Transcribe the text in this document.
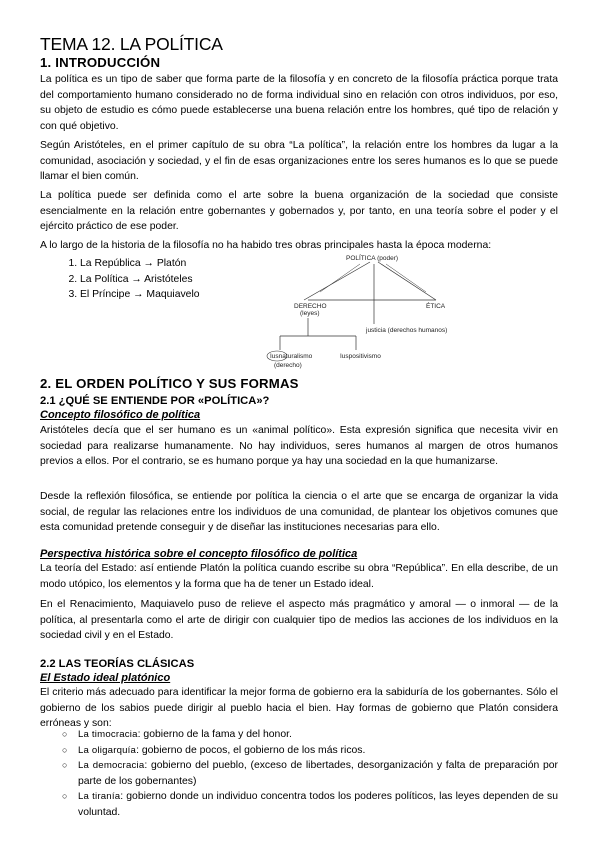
TEMA 12. LA POLÍTICA
1. INTRODUCCIÓN
La política es un tipo de saber que forma parte de la filosofía y en concreto de la filosofía práctica porque trata del comportamiento humano considerado no de forma individual sino en relación con otros individuos, por eso, su objeto de estudio es cómo puede establecerse una buena relación entre los hombres, qué tipo de relación y con qué objetivo.
Según Aristóteles, en el primer capítulo de su obra “La política”, la relación entre los hombres da lugar a la comunidad, asociación y sociedad, y el fin de esas organizaciones entre los seres humanos es lo que se puede llamar el bien común.
La política puede ser definida como el arte sobre la buena organización de la sociedad que consiste esencialmente en la relación entre gobernantes y gobernados y, por tanto, en una teoría sobre el poder y el ejército práctico de ese poder.
A lo largo de la historia de la filosofía no ha habido tres obras principales hasta la época moderna:
1. La República → Platón
2. La Política → Aristóteles
3. El Príncipe → Maquiavelo
POLÍTICA (poder)
DERECHO
(leyes)
ÉTICA
justicia (derechos humanos)
Iusnaturalismo
(derecho)
Iuspositivismo
2. EL ORDEN POLÍTICO Y SUS FORMAS
2.1 ¿QUÉ SE ENTIENDE POR «POLÍTICA»?
Concepto filosófico de política
Aristóteles decía que el ser humano es un «animal político». Esta expresión significa que necesita vivir en sociedad para realizarse humanamente. No hay individuos, seres humanos al margen de otros humanos previos a ellos. Por el contrario, se es humano porque ya hay una sociedad en la que humanizarse.
Desde la reflexión filosófica, se entiende por política la ciencia o el arte que se encarga de organizar la vida social, de regular las relaciones entre los individuos de una comunidad, de plantear los objetivos comunes que esta comunidad pretende conseguir y de diseñar las instituciones necesarias para ello.
Perspectiva histórica sobre el concepto filosófico de política
La teoría del Estado: así entiende Platón la política cuando escribe su obra “República”. En ella describe, de un modo utópico, los elementos y la forma que ha de tener un Estado ideal.
En el Renacimiento, Maquiavelo puso de relieve el aspecto más pragmático y amoral — o inmoral — de la política, al presentarla como el arte de dirigir con cualquier tipo de medios las acciones de los individuos en la sociedad civil y en el Estado.
2.2 LAS TEORÍAS CLÁSICAS
El Estado ideal platónico
El criterio más adecuado para identificar la mejor forma de gobierno era la sabiduría de los gobernantes. Sólo el gobierno de los sabios puede dirigir al pueblo hacia el bien. Hay formas de gobierno que Platón considera erróneas y son:
○ La timocracia: gobierno de la fama y del honor.
○ La oligarquía: gobierno de pocos, el gobierno de los más ricos.
○ La democracia: gobierno del pueblo, (exceso de libertades, desorganización y falta de preparación por parte de los gobernantes)
○ La tiranía: gobierno donde un individuo concentra todos los poderes políticos, las leyes dependen de su voluntad.
